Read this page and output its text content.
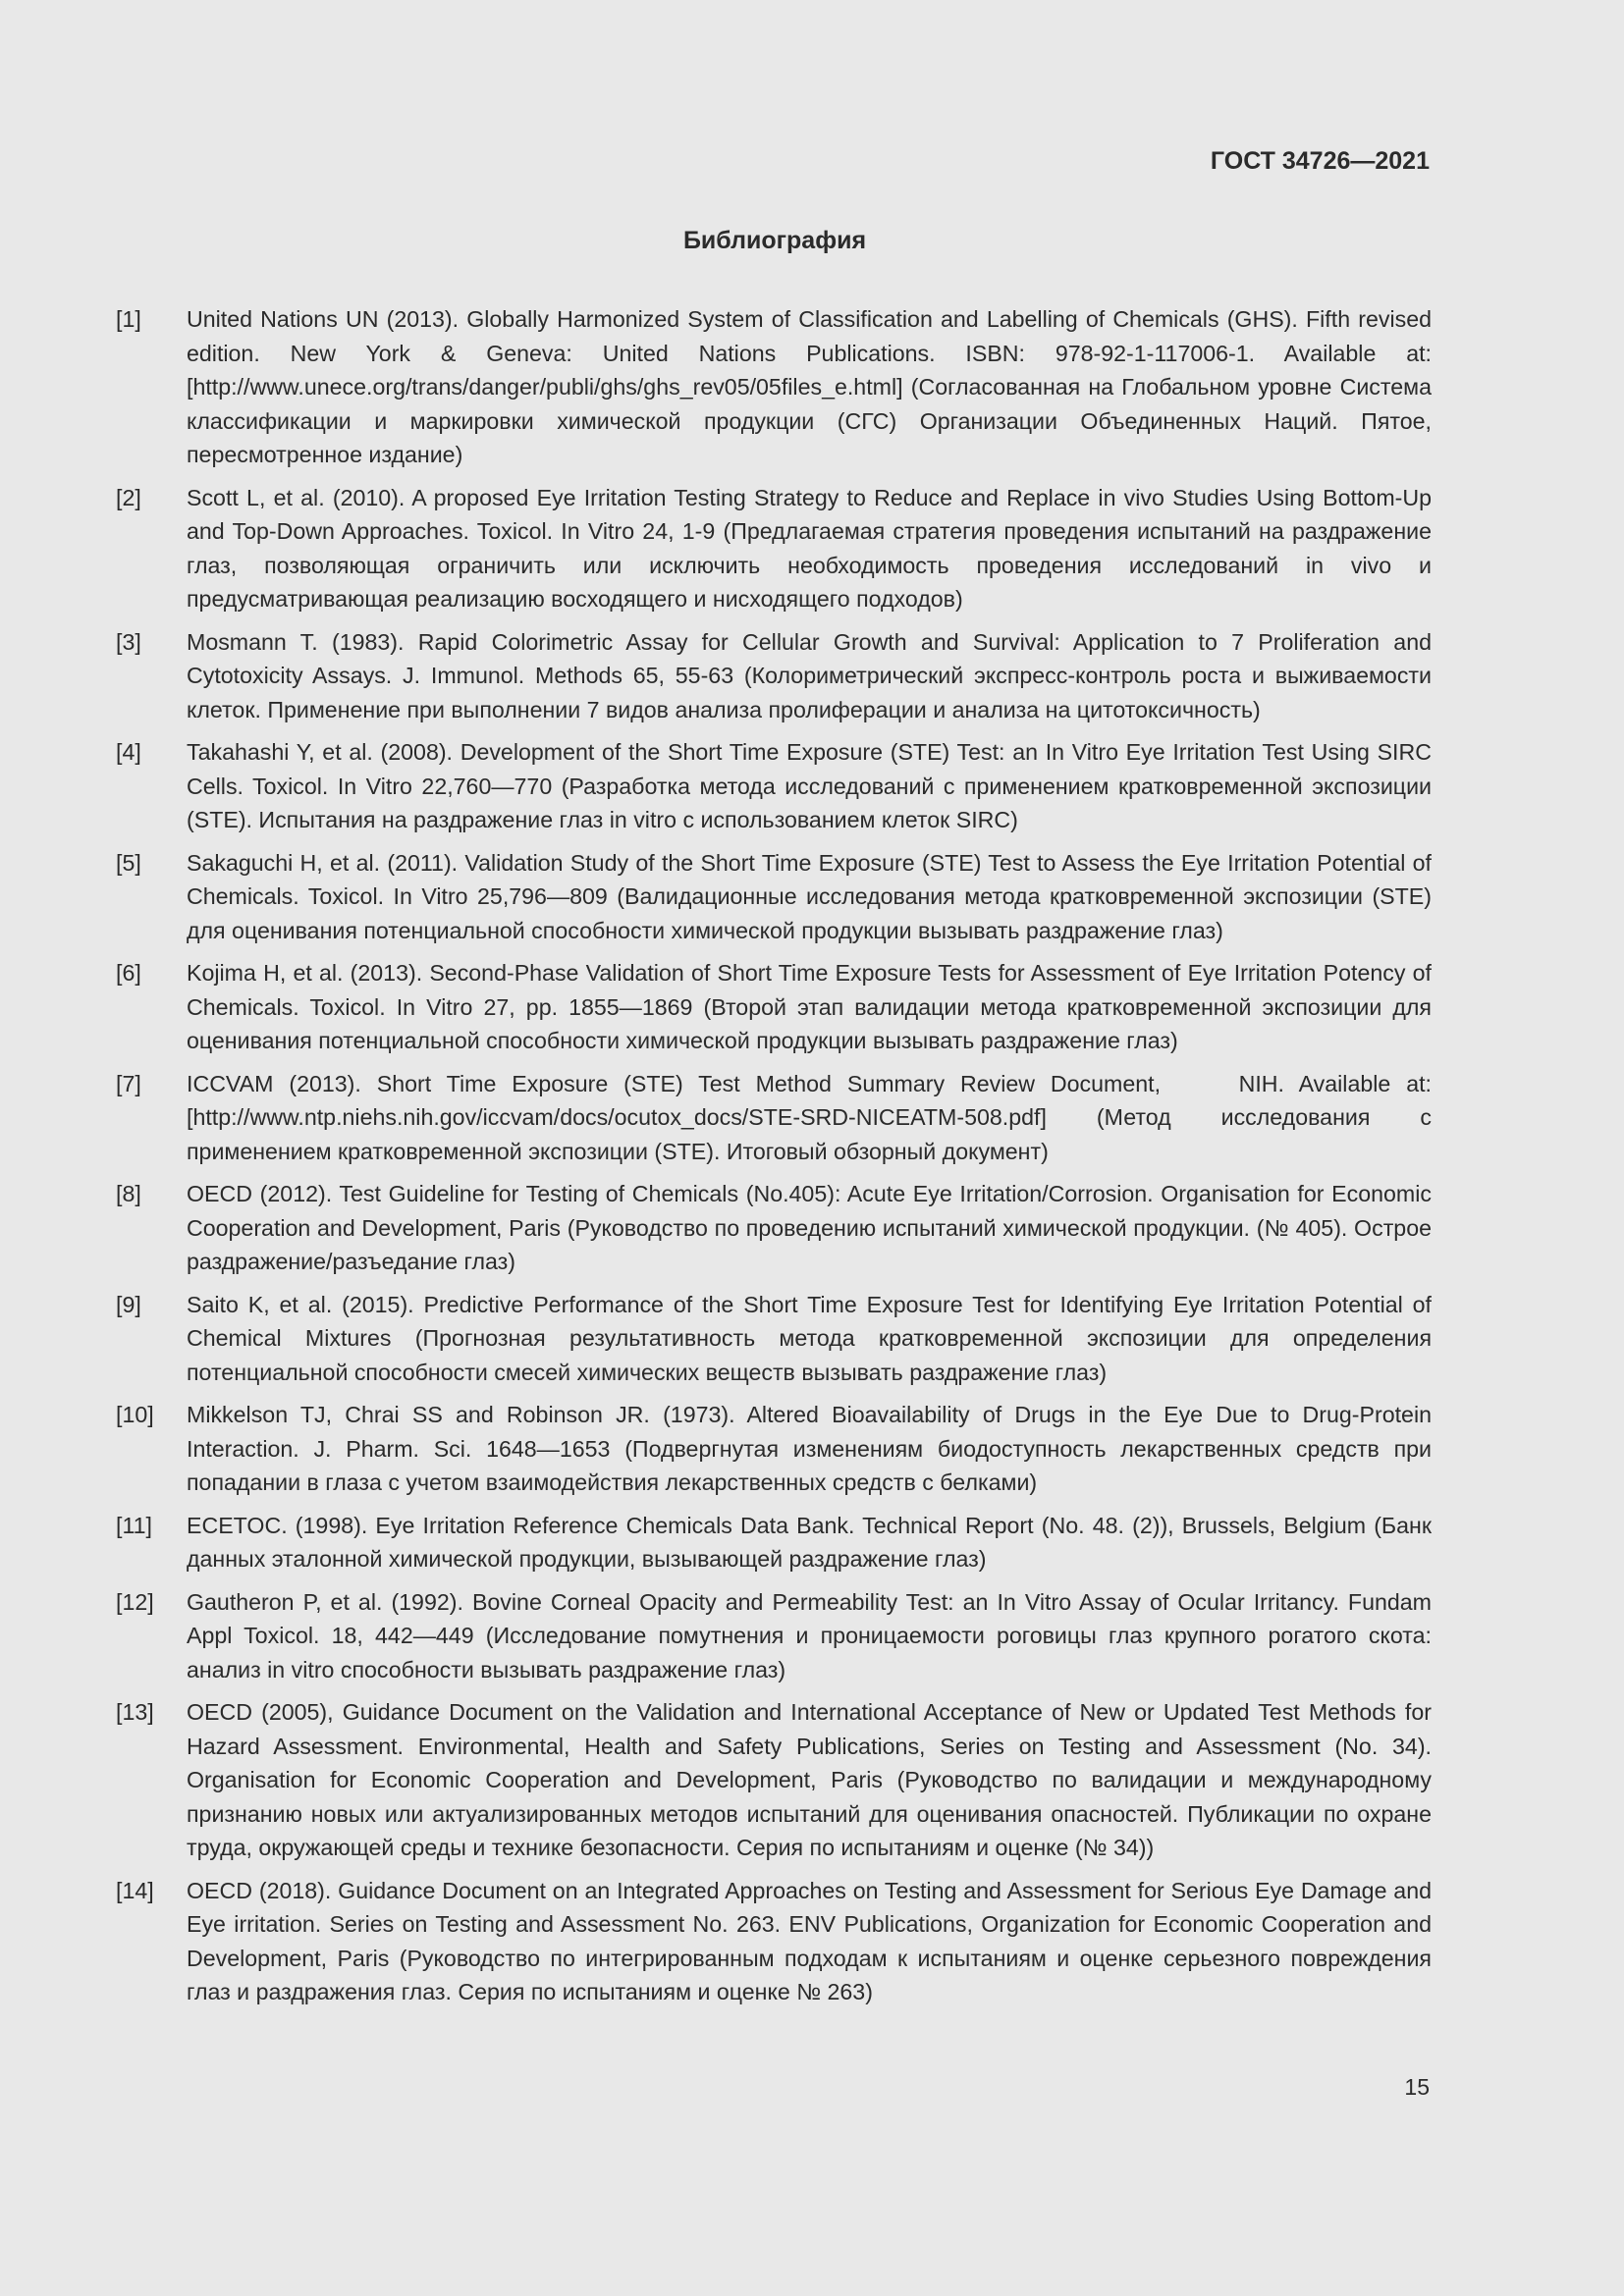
ГОСТ 34726—2021
Библиография
[1] United Nations UN (2013). Globally Harmonized System of Classification and Labelling of Chemicals (GHS). Fifth revised edition. New York & Geneva: United Nations Publications. ISBN: 978-92-1-117006-1. Available at: [http://www.unece.org/trans/danger/publi/ghs/ghs_rev05/05files_e.html] (Согласованная на Глобальном уровне Система классификации и маркировки химической продукции (СГС) Организации Объединенных Наций. Пятое, пересмотренное издание)
[2] Scott L, et al. (2010). A proposed Eye Irritation Testing Strategy to Reduce and Replace in vivo Studies Using Bottom-Up and Top-Down Approaches. Toxicol. In Vitro 24, 1-9 (Предлагаемая стратегия проведения испытаний на раздражение глаз, позволяющая ограничить или исключить необходимость проведения исследований in vivo и предусматривающая реализацию восходящего и нисходящего подходов)
[3] Mosmann T. (1983). Rapid Colorimetric Assay for Cellular Growth and Survival: Application to 7 Proliferation and Cytotoxicity Assays. J. Immunol. Methods 65, 55-63 (Колориметрический экспресс-контроль роста и выживаемости клеток. Применение при выполнении 7 видов анализа пролиферации и анализа на цитотоксичность)
[4] Takahashi Y, et al. (2008). Development of the Short Time Exposure (STE) Test: an In Vitro Eye Irritation Test Using SIRC Cells. Toxicol. In Vitro 22,760—770 (Разработка метода исследований с применением кратковременной экспозиции (STE). Испытания на раздражение глаз in vitro с использованием клеток SIRC)
[5] Sakaguchi H, et al. (2011). Validation Study of the Short Time Exposure (STE) Test to Assess the Eye Irritation Potential of Chemicals. Toxicol. In Vitro 25,796—809 (Валидационные исследования метода кратковременной экспозиции (STE) для оценивания потенциальной способности химической продукции вызывать раздражение глаз)
[6] Kojima H, et al. (2013). Second-Phase Validation of Short Time Exposure Tests for Assessment of Eye Irritation Potency of Chemicals. Toxicol. In Vitro 27, pp. 1855—1869 (Второй этап валидации метода кратковременной экспозиции для оценивания потенциальной способности химической продукции вызывать раздражение глаз)
[7] ICCVAM (2013). Short Time Exposure (STE) Test Method Summary Review Document,     NIH. Available at: [http://www.ntp.niehs.nih.gov/iccvam/docs/ocutox_docs/STE-SRD-NICEATM-508.pdf] (Метод исследования с применением кратковременной экспозиции (STE). Итоговый обзорный документ)
[8] OECD (2012). Test Guideline for Testing of Chemicals (No.405): Acute Eye Irritation/Corrosion. Organisation for Economic Cooperation and Development, Paris (Руководство по проведению испытаний химической продукции. (№ 405). Острое раздражение/разъедание глаз)
[9] Saito K, et al. (2015). Predictive Performance of the Short Time Exposure Test for Identifying Eye Irritation Potential of Chemical Mixtures (Прогнозная результативность метода кратковременной экспозиции для определения потенциальной способности смесей химических веществ вызывать раздражение глаз)
[10] Mikkelson TJ, Chrai SS and Robinson JR. (1973). Altered Bioavailability of Drugs in the Eye Due to Drug-Protein Interaction. J. Pharm. Sci. 1648—1653 (Подвергнутая изменениям биодоступность лекарственных средств при попадании в глаза с учетом взаимодействия лекарственных средств с белками)
[11] ECETOC. (1998). Eye Irritation Reference Chemicals Data Bank. Technical Report (No. 48. (2)), Brussels, Belgium (Банк данных эталонной химической продукции, вызывающей раздражение глаз)
[12] Gautheron P, et al. (1992). Bovine Corneal Opacity and Permeability Test: an In Vitro Assay of Ocular Irritancy. Fundam Appl Toxicol. 18, 442—449 (Исследование помутнения и проницаемости роговицы глаз крупного рогатого скота: анализ in vitro способности вызывать раздражение глаз)
[13] OECD (2005), Guidance Document on the Validation and International Acceptance of New or Updated Test Methods for Hazard Assessment. Environmental, Health and Safety Publications, Series on Testing and Assessment (No. 34). Organisation for Economic Cooperation and Development, Paris (Руководство по валидации и международному признанию новых или актуализированных методов испытаний для оценивания опасностей. Публикации по охране труда, окружающей среды и технике безопасности. Серия по испытаниям и оценке (№ 34))
[14] OECD (2018). Guidance Document on an Integrated Approaches on Testing and Assessment for Serious Eye Damage and Eye irritation. Series on Testing and Assessment No. 263. ENV Publications, Organization for Economic Cooperation and Development, Paris (Руководство по интегрированным подходам к испытаниям и оценке серьезного повреждения глаз и раздражения глаз. Серия по испытаниям и оценке № 263)
15
